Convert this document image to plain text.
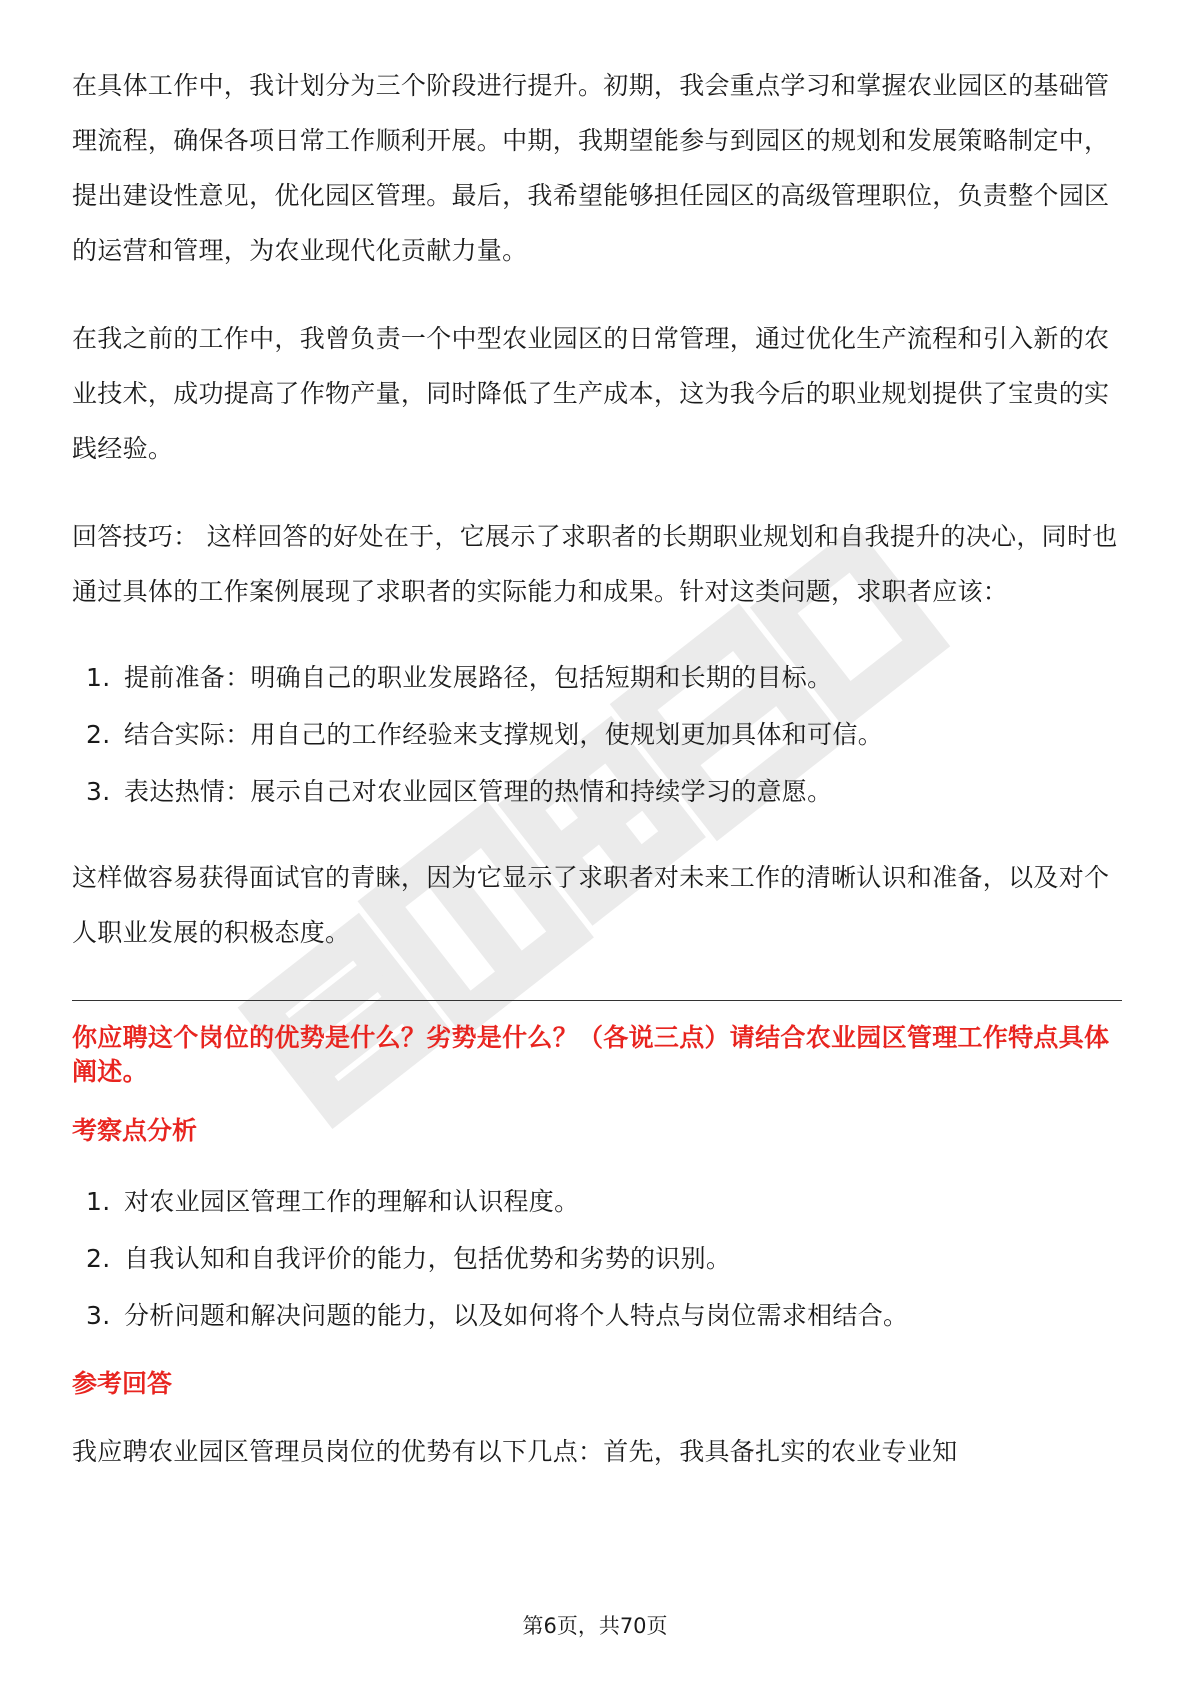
在具体工作中，我计划分为三个阶段进行提升。初期，我会重点学习和掌握农业园区的基础管理流程，确保各项日常工作顺利开展。中期，我期望能参与到园区的规划和发展策略制定中，提出建设性意见，优化园区管理。最后，我希望能够担任园区的高级管理职位，负责整个园区的运营和管理，为农业现代化贡献力量。

在我之前的工作中，我曾负责一个中型农业园区的日常管理，通过优化生产流程和引入新的农业技术，成功提高了作物产量，同时降低了生产成本，这为我今后的职业规划提供了宝贵的实践经验。

回答技巧： 这样回答的好处在于，它展示了求职者的长期职业规划和自我提升的决心，同时也通过具体的工作案例展现了求职者的实际能力和成果。针对这类问题，求职者应该：

1. 提前准备：明确自己的职业发展路径，包括短期和长期的目标。
2. 结合实际：用自己的工作经验来支撑规划，使规划更加具体和可信。
3. 表达热情：展示自己对农业园区管理的热情和持续学习的意愿。

这样做容易获得面试官的青睐，因为它显示了求职者对未来工作的清晰认识和准备，以及对个人职业发展的积极态度。

你应聘这个岗位的优势是什么？劣势是什么？（各说三点）请结合农业园区管理工作特点具体阐述。

考察点分析

1. 对农业园区管理工作的理解和认识程度。
2. 自我认知和自我评价的能力，包括优势和劣势的识别。
3. 分析问题和解决问题的能力，以及如何将个人特点与岗位需求相结合。

参考回答

我应聘农业园区管理员岗位的优势有以下几点：首先，我具备扎实的农业专业知

第6页，共70页
